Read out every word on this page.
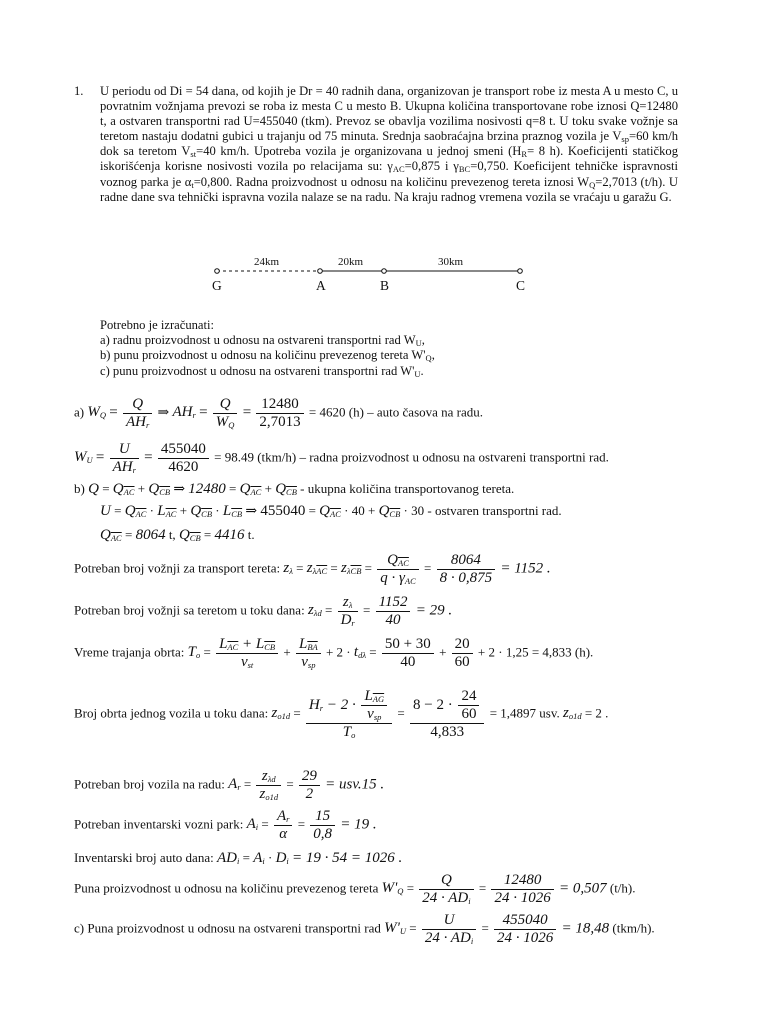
1. U periodu od Di = 54 dana, od kojih je Dr = 40 radnih dana, organizovan je transport robe iz mesta A u mesto C, u povratnim vožnjama prevozi se roba iz mesta C u mesto B. Ukupna količina transportovane robe iznosi Q=12480 t, a ostvaren transportni rad U=455040 (tkm). Prevoz se obavlja vozilima nosivosti q=8 t. U toku svake vožnje sa teretom nastaju dodatni gubici u trajanju od 75 minuta. Srednja saobraćajna brzina praznog vozila je $V_{sp}=60$ km/h dok sa teretom $V_{st}=40$ km/h. Upotreba vozila je organizovana u jednoj smeni ($H_R= 8$ h). Koeficijenti statičkog iskorišćenja korisne nosivosti vozila po relacijama su: $\gamma_{AC}=0,875$ i $\gamma_{BC}=0,750$. Koeficijent tehničke ispravnosti voznog parka je $\alpha_t=0,800$. Radna proizvodnost u odnosu na količinu prevezenog tereta iznosi $W_Q=2,7013$ (t/h). U radne dane sva tehnički ispravna vozila nalaze se na radu. Na kraju radnog vremena vozila se vraćaju u garažu G.
24km	20km	30km
G	A	B	C
Potrebno je izračunati:
a) radnu proizvodnost u odnosu na ostvareni transportni rad $W_U$,
b) punu proizvodnost u odnosu na količinu prevezenog tereta $W'_Q$,
c) punu proizvodnost u odnosu na ostvareni transportni rad $W'_U$.
a) $W_Q = \frac{Q}{AH_r}$ ⇒ $AH_r = \frac{Q}{W_Q} = \frac{12480}{2,7013} = 4620$ (h) – auto časova na radu.
$W_U = \frac{U}{AH_r} = \frac{455040}{4620} = 98.49$ (tkm/h) – radna proizvodnost u odnosu na ostvareni transportni rad.
b) $Q = Q_{\overline{AC}} + Q_{\overline{CB}}$ ⇒ $12480 = Q_{\overline{AC}} + Q_{\overline{CB}}$ - ukupna količina transportovanog tereta.
$U = Q_{\overline{AC}} \cdot L_{\overline{AC}} + Q_{\overline{CB}} \cdot L_{\overline{CB}}$ ⇒ $455040 = Q_{\overline{AC}} \cdot 40 + Q_{\overline{CB}} \cdot 30$ - ostvaren transportni rad.
$Q_{\overline{AC}} = 8064$ t, $Q_{\overline{CB}} = 4416$ t.
Potreban broj vožnji za transport tereta: $z_\lambda = z_{\lambda\overline{AC}} = z_{\lambda\overline{CB}} = \frac{Q_{\overline{AC}}}{q \cdot \gamma_{AC}} = \frac{8064}{8 \cdot 0,875} = 1152$ .
Potreban broj vožnji sa teretom u toku dana: $z_{\lambda d} = \frac{z_\lambda}{D_r} = \frac{1152}{40} = 29$ .
Vreme trajanja obrta: $T_o = \frac{L_{\overline{AC}} + L_{\overline{CB}}}{v_{st}} + \frac{L_{\overline{BA}}}{v_{sp}} + 2 \cdot t_{d\lambda} = \frac{50 + 30}{40} + \frac{20}{60} + 2 \cdot 1,25 = 4,833$ (h).
Broj obrta jednog vozila u toku dana: $z_{o1d} = \frac{H_r - 2 \cdot \frac{L_{\overline{AG}}}{v_{sp}}}{T_o} = \frac{8 - 2 \cdot \frac{24}{60}}{4,833} = 1,4897$ usv. $z_{o1d} = 2$ .
Potreban broj vozila na radu: $A_r = \frac{z_{\lambda d}}{z_{o1d}} = \frac{29}{2} = usv.15$ .
Potreban inventarski vozni park: $A_i = \frac{A_r}{\alpha} = \frac{15}{0,8} = 19$ .
Inventarski broj auto dana: $AD_i = A_i \cdot D_i = 19 \cdot 54 = 1026$ .
Puna proizvodnost u odnosu na količinu prevezenog tereta $W'_Q = \frac{Q}{24 \cdot AD_i} = \frac{12480}{24 \cdot 1026} = 0,507$ (t/h).
c) Puna proizvodnost u odnosu na ostvareni transportni rad $W'_U = \frac{U}{24 \cdot AD_i} = \frac{455040}{24 \cdot 1026} = 18,48$ (tkm/h).
